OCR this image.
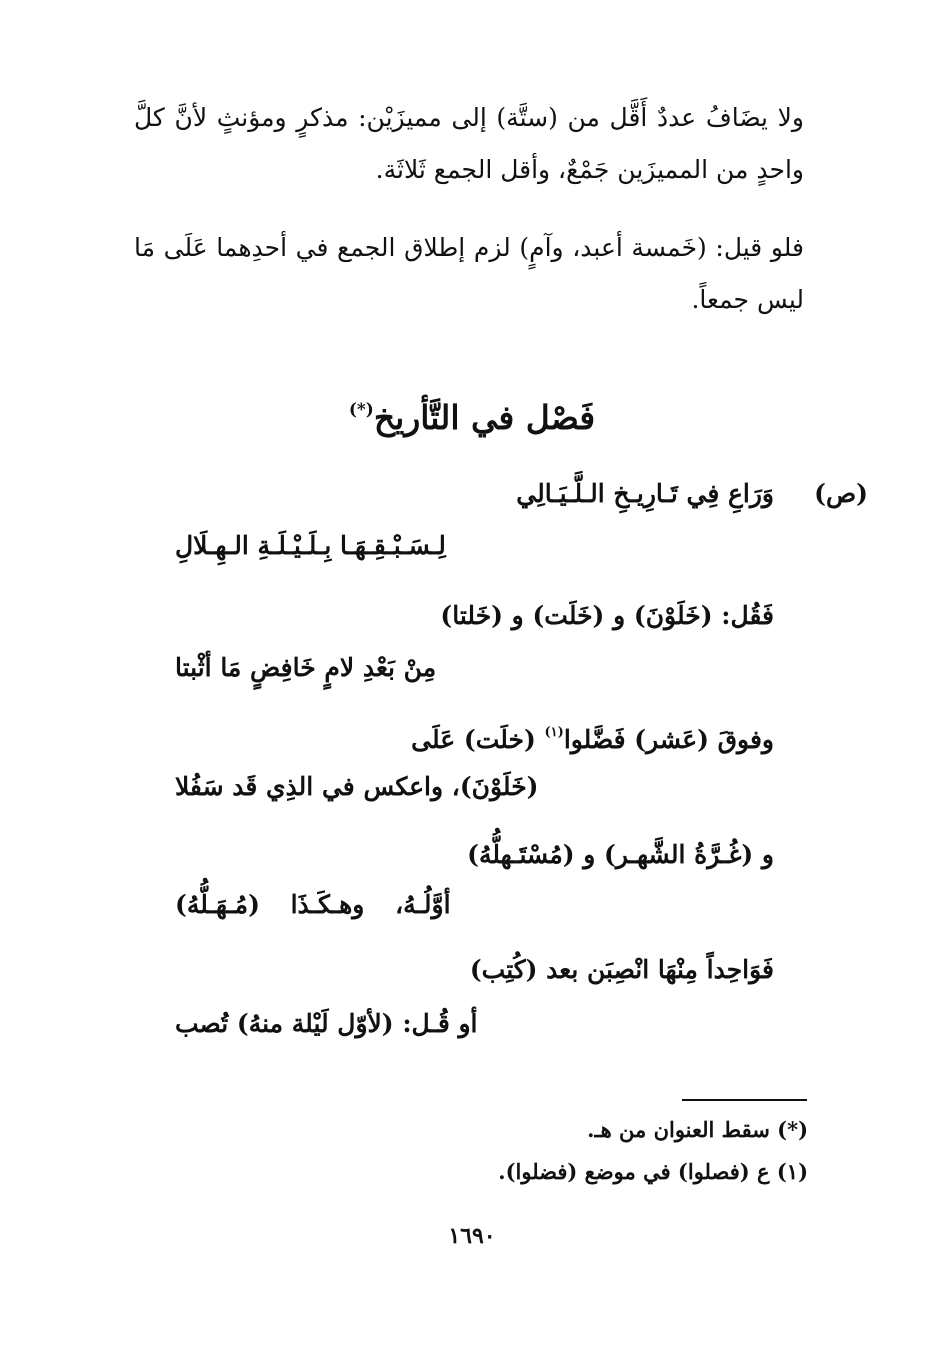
ولا يضَافُ عددٌ أَقَّل من (ستَّة) إلى مميزَيْن: مذكرٍ ومؤنثٍ لأنَّ كلَّ واحدٍ من المميزَين جَمْعٌ، وأقل الجمع ثَلاثَة.

فلو قيل: (خَمسة أعبد، وآمٍ) لزم إطلاق الجمع في أحدِهما عَلَى مَا ليس جمعاً.

فَصْل في التَّأريخ(*)
(ص)
وَرَاعِ فِي تَـارِيـخِ الـلَّـيَـالِي
لِـسَـبْـقِـهَـا بِـلَـيْـلَـةِ الـهِـلَالِ
فَقُل: (خَلَوْنَ) و (خَلَت) و (خَلتا)
مِنْ بَعْدِ لامٍ خَافِضٍ مَا أثْبتا
وفوقَ (عَشر) فَضَّلوا$^{(١)}$ (خلَت) عَلَى
(خَلَوْنَ)، واعكس في الذِي قَد سَفُلا
و (غُـرَّةُ الشَّهـر) و (مُسْتَـهلُّهُ)
أوَّلُـهُ، وهـكَـذَا (مُـهَـلُّهُ)
فَوَاحِداً مِنْهَا انْصِبَن بعد (كُتِب)
أو قُـل: (لأوّل لَيْلة منهُ) تُصب
(*) سقط العنوان من هـ.
(١) ع (فصلوا) في موضع (فضلوا).
١٦٩٠
